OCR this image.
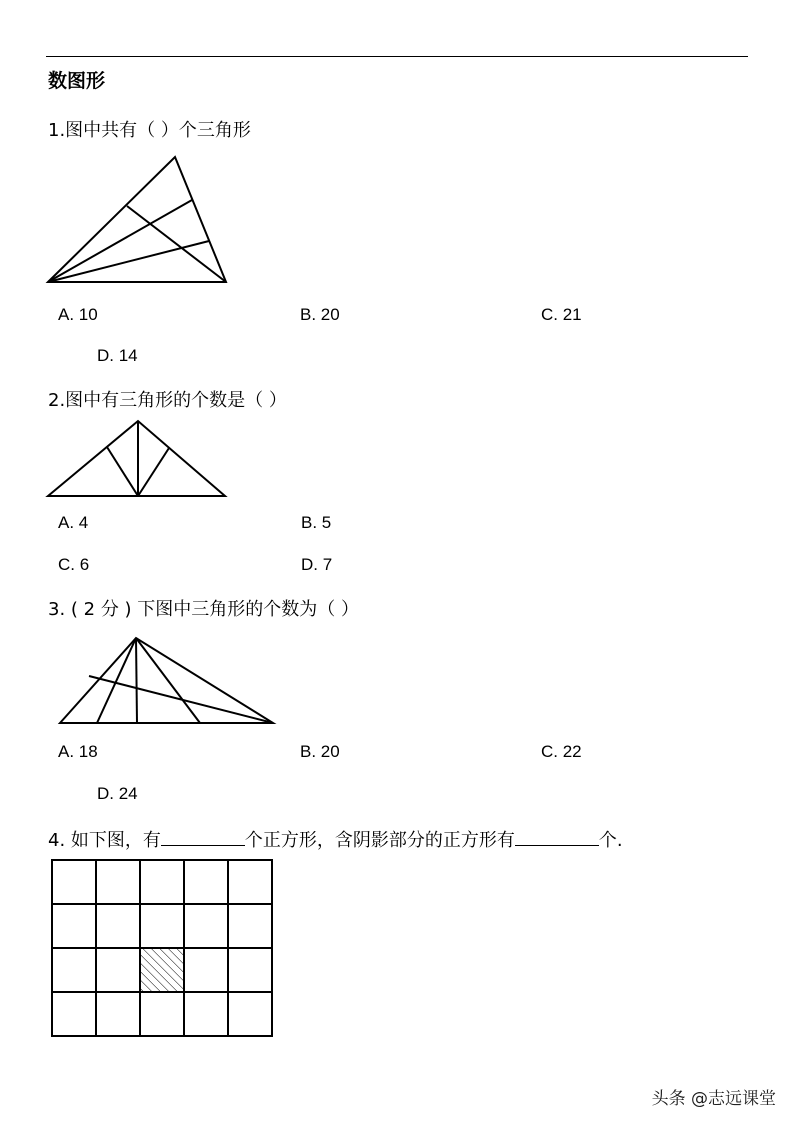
数图形
1.图中共有（ ）个三角形
A. 10	B. 20	C. 21
D. 14
2.图中有三角形的个数是（ ）
A. 4	B. 5
C. 6	D. 7
3. ( 2 分 ) 下图中三角形的个数为（ ）
A. 18	B. 20	C. 22
D. 24
4. 如下图，有	个正方形，含阴影部分的正方形有	个.
头条 @志远课堂
